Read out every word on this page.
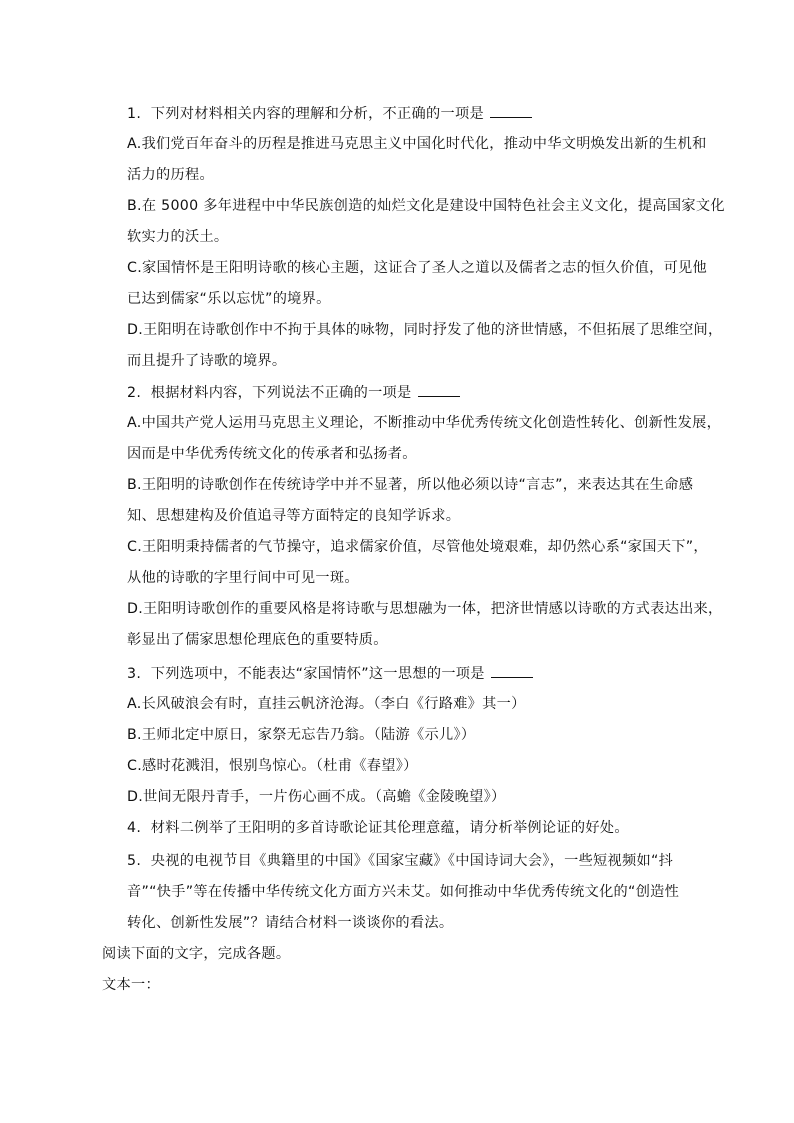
1.  下列对材料相关内容的理解和分析，不正确的一项是
A.我们党百年奋斗的历程是推进马克思主义中国化时代化，推动中华文明焕发出新的生机和
活力的历程。
B.在 5000 多年进程中中华民族创造的灿烂文化是建设中国特色社会主义文化，提高国家文化
软实力的沃土。
C.家国情怀是王阳明诗歌的核心主题，这证合了圣人之道以及儒者之志的恒久价值，可见他
已达到儒家“乐以忘忧”的境界。
D.王阳明在诗歌创作中不拘于具体的咏物，同时抒发了他的济世情感，不但拓展了思维空间，
而且提升了诗歌的境界。
2.  根据材料内容，下列说法不正确的一项是
A.中国共产党人运用马克思主义理论，不断推动中华优秀传统文化创造性转化、创新性发展，
因而是中华优秀传统文化的传承者和弘扬者。
B.王阳明的诗歌创作在传统诗学中并不显著，所以他必须以诗“言志”，来表达其在生命感
知、思想建构及价值追寻等方面特定的良知学诉求。
C.王阳明秉持儒者的气节操守，追求儒家价值，尽管他处境艰难，却仍然心系“家国天下”，
从他的诗歌的字里行间中可见一斑。
D.王阳明诗歌创作的重要风格是将诗歌与思想融为一体，把济世情感以诗歌的方式表达出来，
彰显出了儒家思想伦理底色的重要特质。
3.  下列选项中，不能表达“家国情怀”这一思想的一项是
A.长风破浪会有时，直挂云帆济沧海。（李白《行路难》其一）
B.王师北定中原日，家祭无忘告乃翁。（陆游《示儿》）
C.感时花溅泪，恨别鸟惊心。（杜甫《春望》）
D.世间无限丹青手，一片伤心画不成。（高蟾《金陵晚望》）
4.  材料二例举了王阳明的多首诗歌论证其伦理意蕴，请分析举例论证的好处。
5.  央视的电视节目《典籍里的中国》《国家宝藏》《中国诗词大会》，一些短视频如“抖
音”“快手”等在传播中华传统文化方面方兴未艾。如何推动中华优秀传统文化的“创造性
转化、创新性发展”？请结合材料一谈谈你的看法。
阅读下面的文字，完成各题。
文本一：
